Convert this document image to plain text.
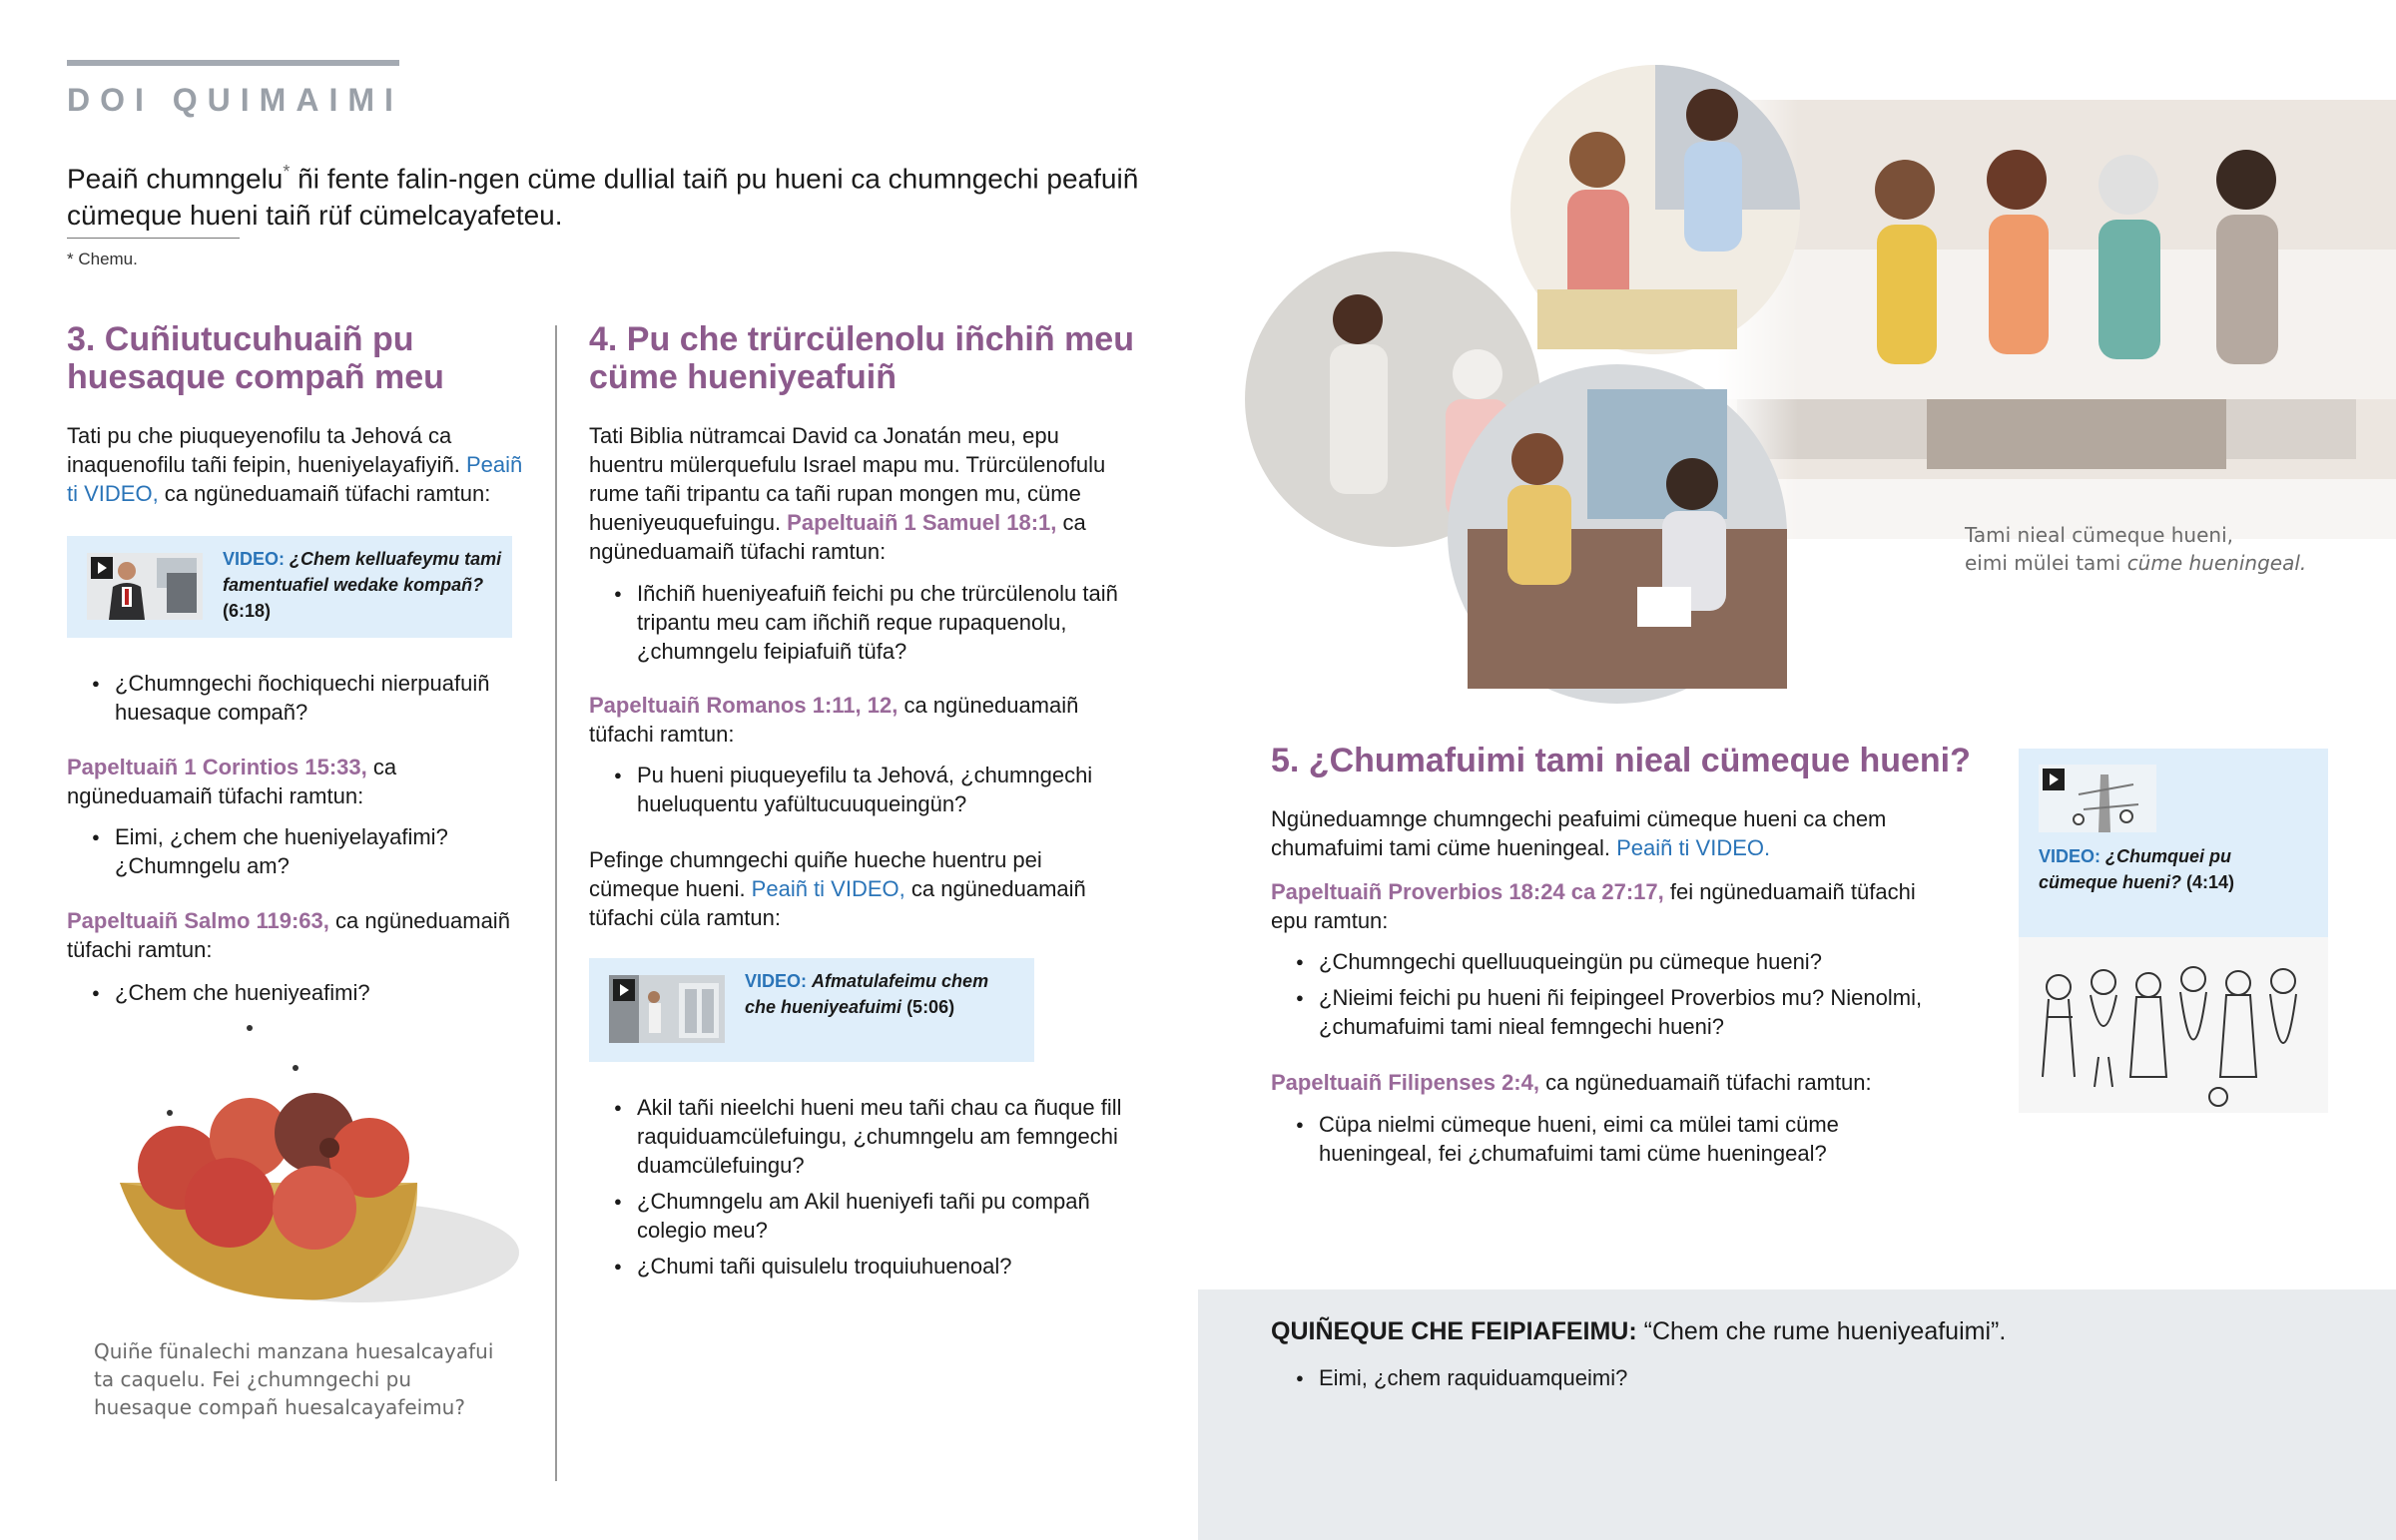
DOI QUIMAIMI

Peaiñ chumngelu* ñi fente falin-ngen cüme dullial taiñ pu hueni ca chumngechi peafuiñ cümeque hueni taiñ rüf cümelcayafeteu.

* Chemu.
3. Cuñiutucuhuaiñ pu huesaque compañ meu

Tati pu che piuqueyenofilu ta Jehová ca inaquenofilu tañi feipin, hueniyelayafiyiñ. Peaiñ ti VIDEO, ca ngüneduamaiñ tüfachi ramtun:

VIDEO: ¿Chem kelluafeymu tami famentuafiel wedake kompañ? (6:18)
● ¿Chumngechi ñochiquechi nierpuafuiñ huesaque compañ?

Papeltuaiñ 1 Corintios 15:33, ca ngüneduamaiñ tüfachi ramtun:

● Eimi, ¿chem che hueniyelayafimi? ¿Chumngelu am?

Papeltuaiñ Salmo 119:63, ca ngüneduamaiñ tüfachi ramtun:

● ¿Chem che hueniyeafimi?

Quiñe fünalechi manzana huesalcayafui ta caquelu. Fei ¿chumngechi pu huesaque compañ huesalcayafeimu?

4. Pu che trürcülenolu iñchiñ meu cüme hueniyeafuiñ

Tati Biblia nütramcai David ca Jonatán meu, epu huentru mülerquefulu Israel mapu mu. Trürcülenofulu rume tañi tripantu ca tañi rupan mongen mu, cüme hueniyeuquefuingu. Papeltuaiñ 1 Samuel 18:1, ca ngüneduamaiñ tüfachi ramtun:

● Iñchiñ hueniyeafuiñ feichi pu che trürcülenolu taiñ tripantu meu cam iñchiñ reque rupaquenolu, ¿chumngelu feipiafuiñ tüfa?

Papeltuaiñ Romanos 1:11, 12, ca ngüneduamaiñ tüfachi ramtun:

● Pu hueni piuqueyefilu ta Jehová, ¿chumngechi hueluquentu yafültucuuqueingün?

Pefinge chumngechi quiñe hueche huentru pei cümeque hueni. Peaiñ ti VIDEO, ca ngüneduamaiñ tüfachi cüla ramtun:

VIDEO: Afmatulafeimu chem che hueniyeafuimi (5:06)
● Akil tañi nieelchi hueni meu tañi chau ca ñuque fill raquiduamcülefuingu, ¿chumngelu am femngechi duamcülefuingu?
● ¿Chumngelu am Akil hueniyefi tañi pu compañ colegio meu?
● ¿Chumi tañi quisulelu troquiuhuenoal?

Tami nieal cümeque hueni,
eimi mülei tami cüme hueningeal.

5. ¿Chumafuimi tami nieal cümeque hueni?

Ngüneduamnge chumngechi peafuimi cümeque hueni ca chem chumafuimi tami cüme hueningeal. Peaiñ ti VIDEO.

Papeltuaiñ Proverbios 18:24 ca 27:17, fei ngüneduamaiñ tüfachi epu ramtun:

● ¿Chumngechi quelluuqueingün pu cümeque hueni?
● ¿Nieimi feichi pu hueni ñi feipingeel Proverbios mu? Nienolmi, ¿chumafuimi tami nieal femngechi hueni?

Papeltuaiñ Filipenses 2:4, ca ngüneduamaiñ tüfachi ramtun:

● Cüpa nielmi cümeque hueni, eimi ca mülei tami cüme hueningeal, fei ¿chumafuimi tami cüme hueningeal?
VIDEO: ¿Chumquei pu cümeque hueni? (4:14)

QUIÑEQUE CHE FEIPIAFEIMU: “Chem che rume hueniyeafuimi”.

● Eimi, ¿chem raquiduamqueimi?
